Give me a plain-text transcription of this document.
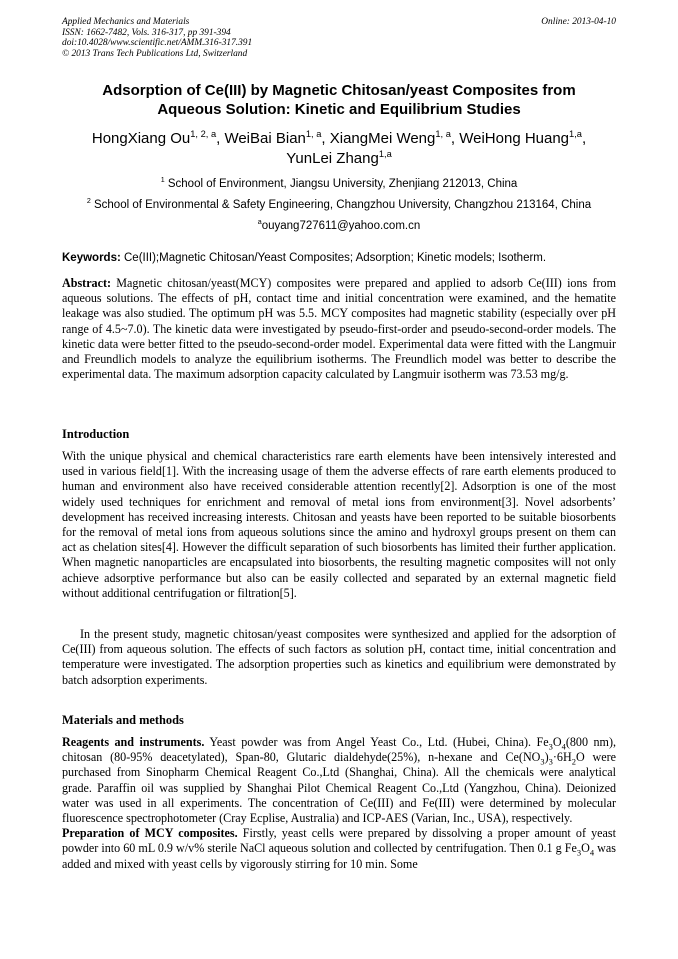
Applied Mechanics and Materials
ISSN: 1662-7482, Vols. 316-317, pp 391-394
doi:10.4028/www.scientific.net/AMM.316-317.391
© 2013 Trans Tech Publications Ltd, Switzerland
Online: 2013-04-10
Adsorption of Ce(III) by Magnetic Chitosan/yeast Composites from
Aqueous Solution: Kinetic and Equilibrium Studies
HongXiang Ou$^{1, 2, a}$, WeiBai Bian$^{1, a}$, XiangMei Weng$^{1, a}$, WeiHong Huang$^{1,a}$,
YunLei Zhang$^{1,a}$
$^1$ School of Environment, Jiangsu University, Zhenjiang 212013, China
$^2$ School of Environmental & Safety Engineering, Changzhou University, Changzhou 213164, China
$^a$ouyang727611@yahoo.com.cn
Keywords: Ce(III);Magnetic Chitosan/Yeast Composites; Adsorption; Kinetic models; Isotherm.
Abstract: Magnetic chitosan/yeast(MCY) composites were prepared and applied to adsorb Ce(III) ions from aqueous solutions. The effects of pH, contact time and initial concentration were examined, and the hematite leakage was also studied. The optimum pH was 5.5. MCY composites had magnetic stability (especially over pH range of 4.5~7.0). The kinetic data were investigated by pseudo-first-order and pseudo-second-order models. The kinetic data were better fitted to the pseudo-second-order model. Experimental data were fitted with the Langmuir and Freundlich models to analyze the equilibrium isotherms. The Freundlich model was better to describe the experimental data. The maximum adsorption capacity calculated by Langmuir isotherm was 73.53 mg/g.
Introduction
With the unique physical and chemical characteristics rare earth elements have been intensively interested and used in various field[1]. With the increasing usage of them the adverse effects of rare earth elements produced to human and environment also have received considerable attention recently[2]. Adsorption is one of the most widely used techniques for enrichment and removal of metal ions from environment[3]. Novel adsorbents’ development has received increasing interests. Chitosan and yeasts have been reported to be suitable biosorbents for the removal of metal ions from aqueous solutions since the amino and hydroxyl groups present on them can act as chelation sites[4]. However the difficult separation of such biosorbents has limited their further application. When magnetic nanoparticles are encapsulated into biosorbents, the resulting magnetic composites will not only achieve adsorptive performance but also can be easily collected and separated by an external magnetic field without additional centrifugation or filtration[5].
In the present study, magnetic chitosan/yeast composites were synthesized and applied for the adsorption of Ce(III) from aqueous solution. The effects of such factors as solution pH, contact time, initial concentration and temperature were investigated. The adsorption properties such as kinetics and equilibrium were demonstrated by batch adsorption experiments.
Materials and methods
Reagents and instruments. Yeast powder was from Angel Yeast Co., Ltd. (Hubei, China). $Fe_3O_4(800$ nm), chitosan (80-95% deacetylated), Span-80, Glutaric dialdehyde(25%), n-hexane and $Ce(NO_3)_3\cdot 6H_2O$ were purchased from Sinopharm Chemical Reagent Co.,Ltd (Shanghai, China). All the chemicals were analytical grade. Paraffin oil was supplied by Shanghai Pilot Chemical Reagent Co.,Ltd (Yangzhou, China). Deionized water was used in all experiments. The concentration of Ce(III) and Fe(III) were determined by molecular fluorescence spectrophotometer (Cray Ecplise, Australia) and ICP-AES (Varian, Inc., USA), respectively.
Preparation of MCY composites. Firstly, yeast cells were prepared by dissolving a proper amount of yeast powder into 60 mL 0.9 w/v% sterile NaCl aqueous solution and collected by centrifugation. Then 0.1 g $Fe_3O_4$ was added and mixed with yeast cells by vigorously stirring for 10 min. Some
